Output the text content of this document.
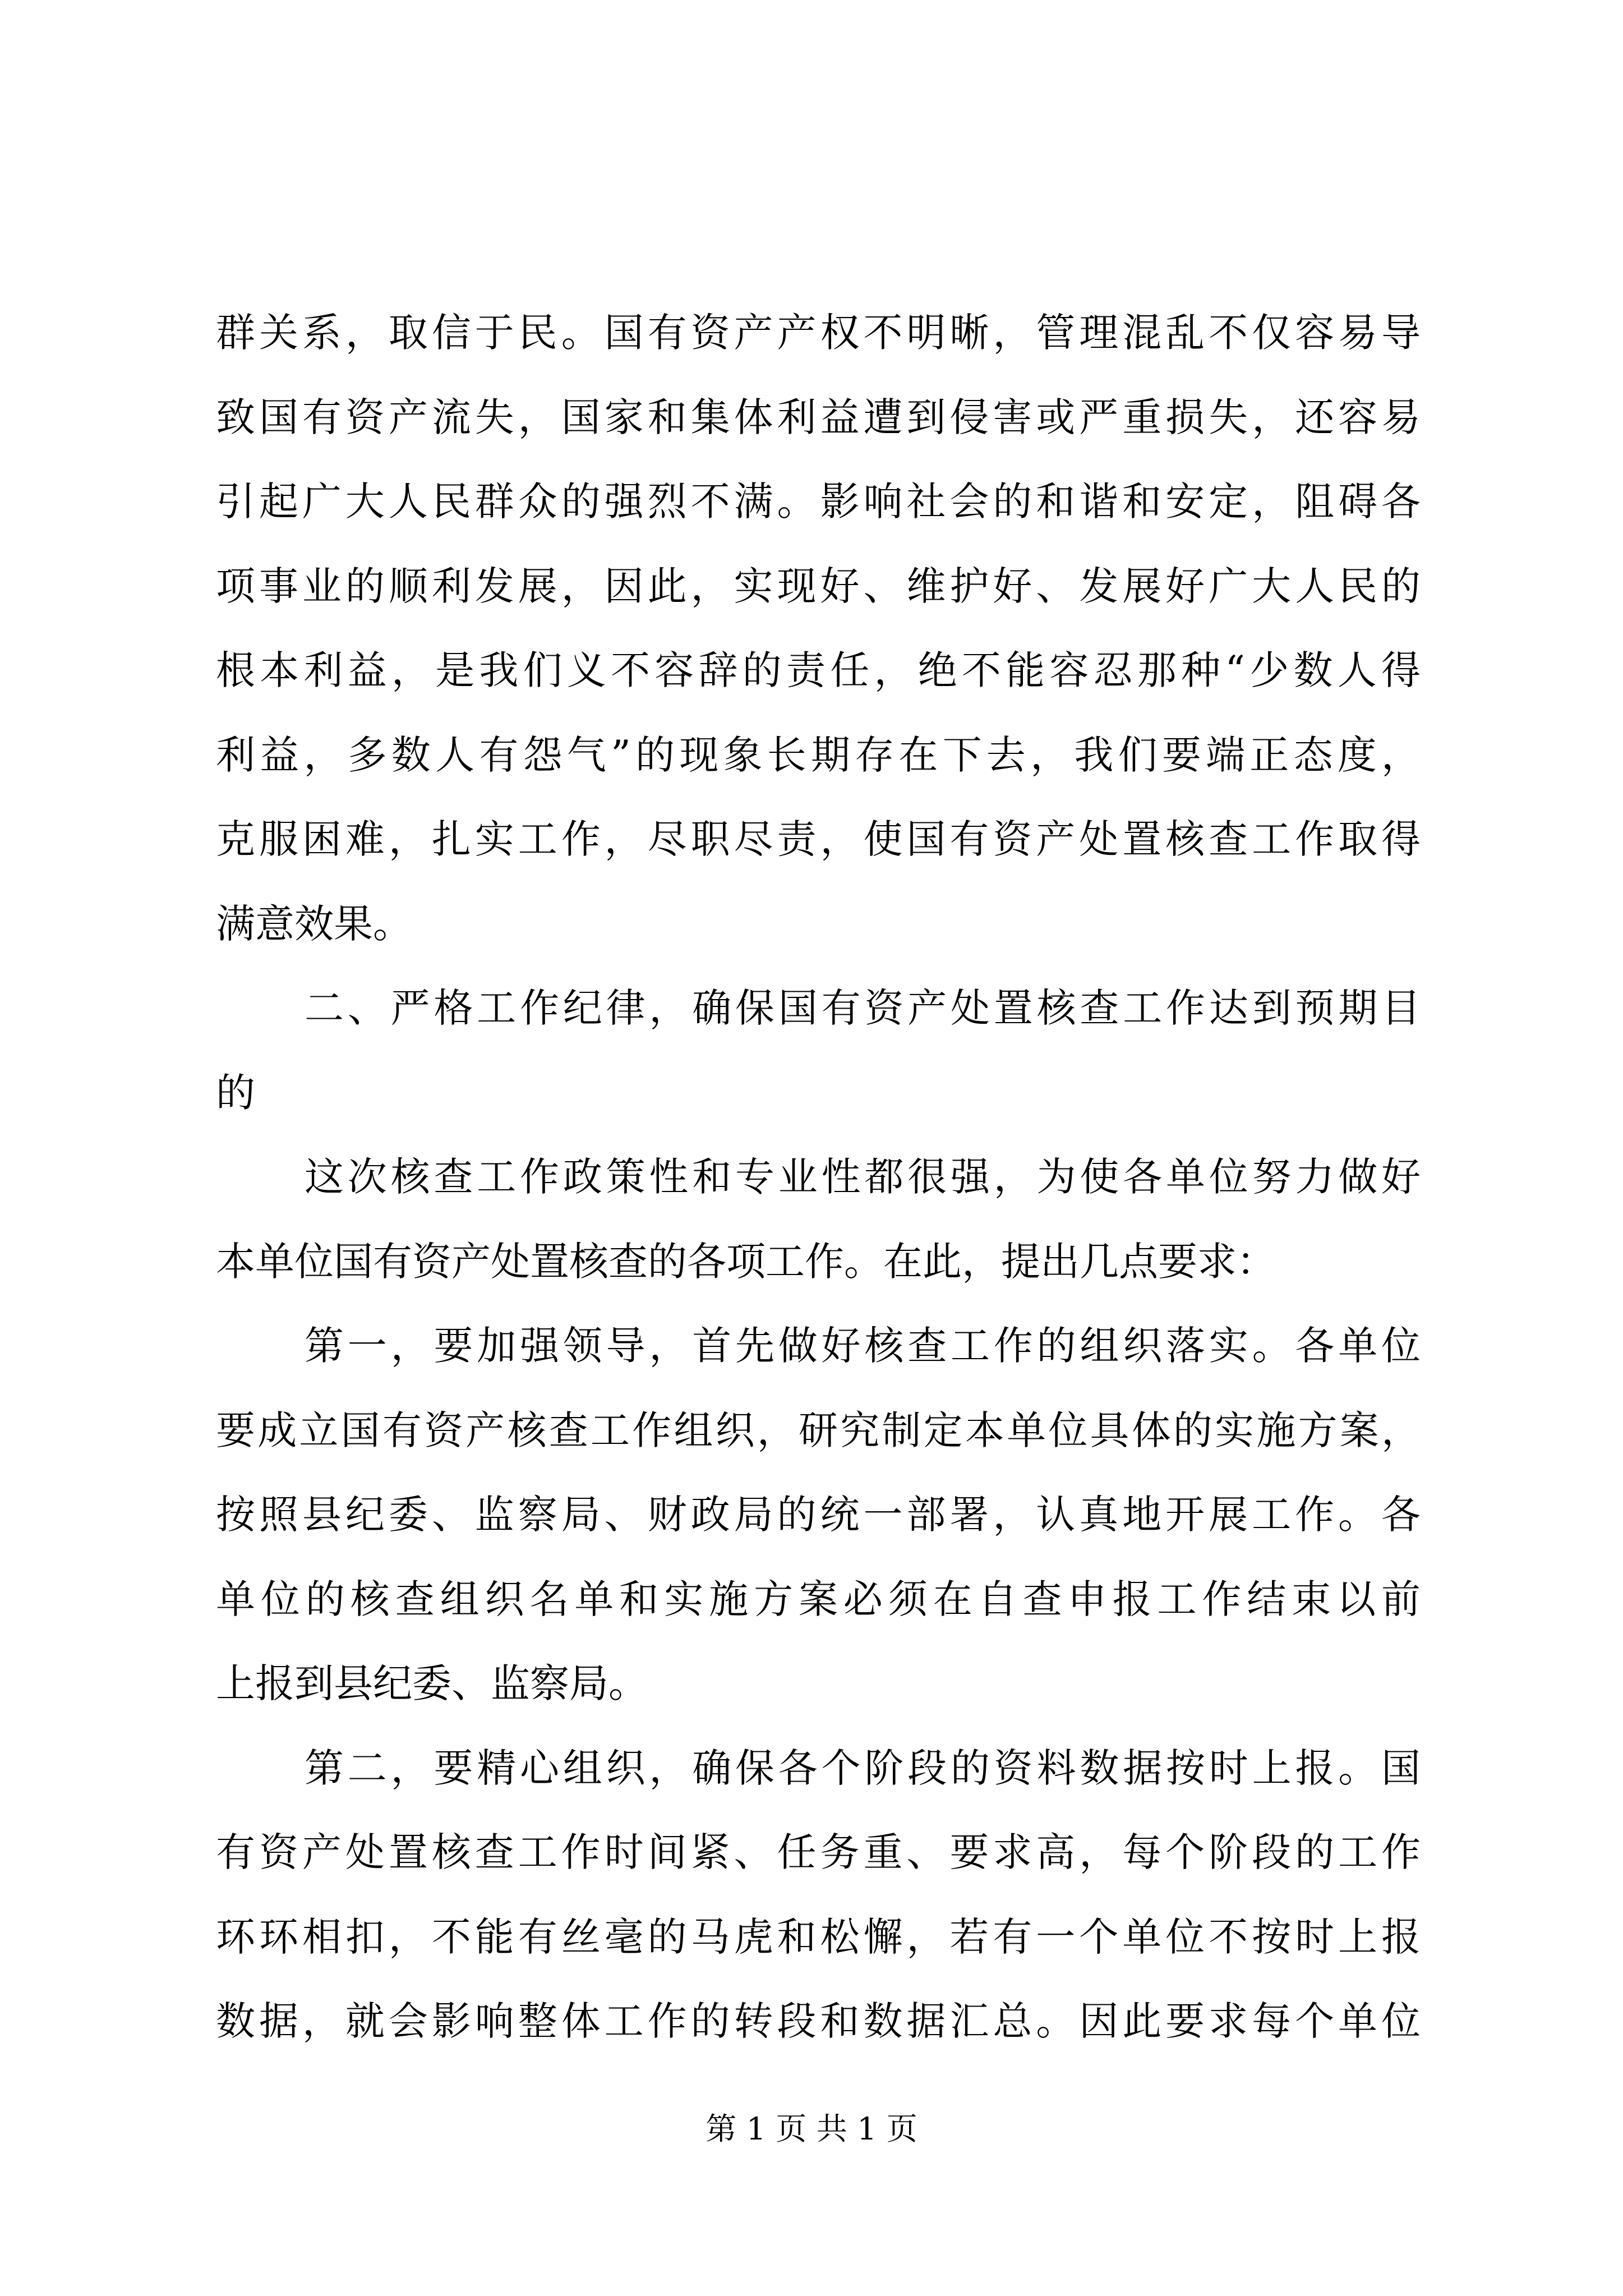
群关系，取信于民。国有资产产权不明晰，管理混乱不仅容易导
致国有资产流失，国家和集体利益遭到侵害或严重损失，还容易
引起广大人民群众的强烈不满。影响社会的和谐和安定，阻碍各
项事业的顺利发展，因此，实现好、维护好、发展好广大人民的
根本利益，是我们义不容辞的责任，绝不能容忍那种“少数人得
利益，多数人有怨气”的现象长期存在下去，我们要端正态度，
克服困难，扎实工作，尽职尽责，使国有资产处置核查工作取得
满意效果。
二、严格工作纪律，确保国有资产处置核查工作达到预期目
的
这次核查工作政策性和专业性都很强，为使各单位努力做好
本单位国有资产处置核查的各项工作。在此，提出几点要求：
第一，要加强领导，首先做好核查工作的组织落实。各单位
要成立国有资产核查工作组织，研究制定本单位具体的实施方案，
按照县纪委、监察局、财政局的统一部署，认真地开展工作。各
单位的核查组织名单和实施方案必须在自查申报工作结束以前
上报到县纪委、监察局。
第二，要精心组织，确保各个阶段的资料数据按时上报。国
有资产处置核查工作时间紧、任务重、要求高，每个阶段的工作
环环相扣，不能有丝毫的马虎和松懈，若有一个单位不按时上报
数据，就会影响整体工作的转段和数据汇总。因此要求每个单位
第 1 页 共 1 页
